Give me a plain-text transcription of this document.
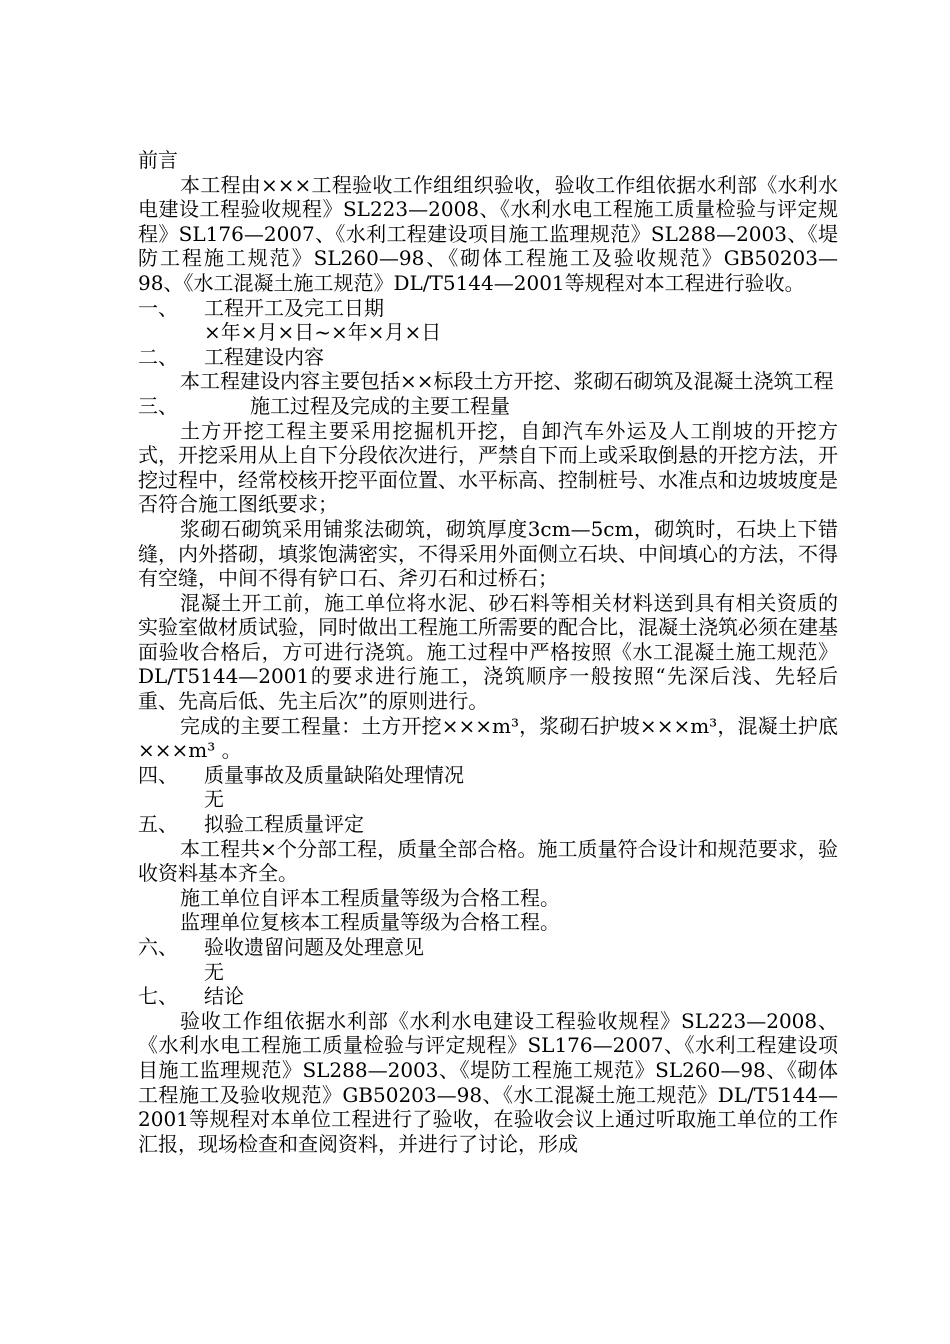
前言

本工程由×××工程验收工作组组织验收，验收工作组依据水利部《水利水电建设工程验收规程》SL223—2008、《水利水电工程施工质量检验与评定规程》SL176—2007、《水利工程建设项目施工监理规范》SL288—2003、《堤防工程施工规范》SL260—98、《砌体工程施工及验收规范》GB50203—98、《水工混凝土施工规范》DL/T5144—2001等规程对本工程进行验收。

一、	工程开工及完工日期

×年×月×日~×年×月×日

二、	工程建设内容

本工程建设内容主要包括××标段土方开挖、浆砌石砌筑及混凝土浇筑工程

三、	施工过程及完成的主要工程量

土方开挖工程主要采用挖掘机开挖，自卸汽车外运及人工削坡的开挖方式，开挖采用从上自下分段依次进行，严禁自下而上或采取倒悬的开挖方法，开挖过程中，经常校核开挖平面位置、水平标高、控制桩号、水准点和边坡坡度是否符合施工图纸要求；

浆砌石砌筑采用铺浆法砌筑，砌筑厚度3cm—5cm，砌筑时，石块上下错缝，内外搭砌，填浆饱满密实，不得采用外面侧立石块、中间填心的方法，不得有空缝，中间不得有铲口石、斧刃石和过桥石；

混凝土开工前，施工单位将水泥、砂石料等相关材料送到具有相关资质的实验室做材质试验，同时做出工程施工所需要的配合比，混凝土浇筑必须在建基面验收合格后，方可进行浇筑。施工过程中严格按照《水工混凝土施工规范》DL/T5144—2001的要求进行施工，浇筑顺序一般按照“先深后浅、先轻后重、先高后低、先主后次”的原则进行。

完成的主要工程量：土方开挖×××m³，浆砌石护坡×××m³，混凝土护底×××m³ 。

四、	质量事故及质量缺陷处理情况

无

五、	拟验工程质量评定

本工程共×个分部工程，质量全部合格。施工质量符合设计和规范要求，验收资料基本齐全。

施工单位自评本工程质量等级为合格工程。

监理单位复核本工程质量等级为合格工程。

六、	验收遗留问题及处理意见

无

七、	结论

验收工作组依据水利部《水利水电建设工程验收规程》SL223—2008、《水利水电工程施工质量检验与评定规程》SL176—2007、《水利工程建设项目施工监理规范》SL288—2003、《堤防工程施工规范》SL260—98、《砌体工程施工及验收规范》GB50203—98、《水工混凝土施工规范》DL/T5144—2001等规程对本单位工程进行了验收，在验收会议上通过听取施工单位的工作汇报，现场检查和查阅资料，并进行了讨论，形成
